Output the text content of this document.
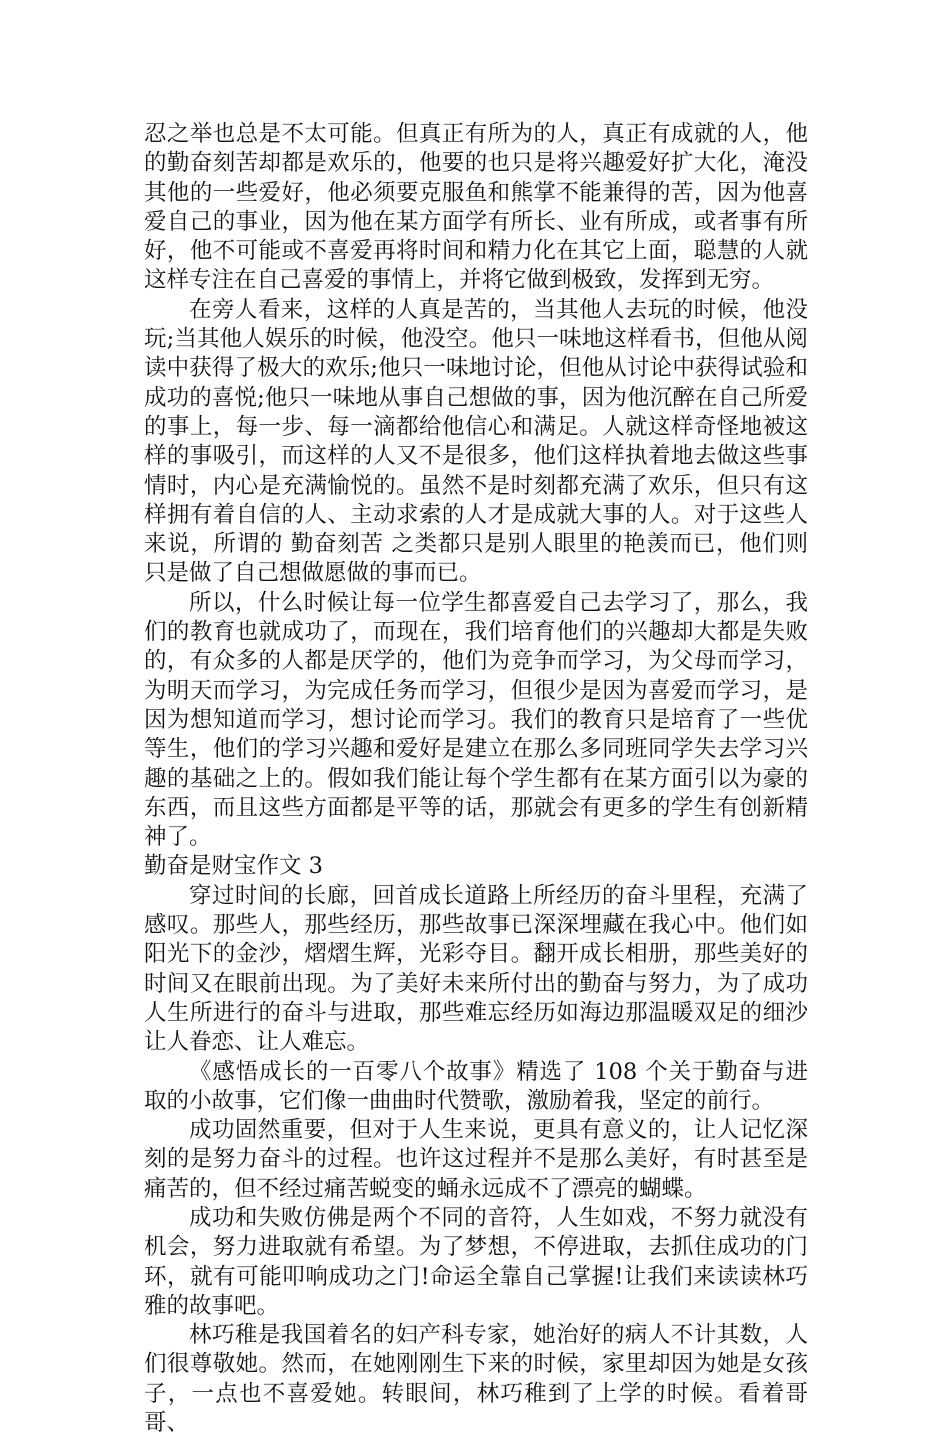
忍之举也总是不太可能。但真正有所为的人，真正有成就的人，他的勤奋刻苦却都是欢乐的，他要的也只是将兴趣爱好扩大化，淹没其他的一些爱好，他必须要克服鱼和熊掌不能兼得的苦，因为他喜爱自己的事业，因为他在某方面学有所长、业有所成，或者事有所好，他不可能或不喜爱再将时间和精力化在其它上面，聪慧的人就这样专注在自己喜爱的事情上，并将它做到极致，发挥到无穷。

在旁人看来，这样的人真是苦的，当其他人去玩的时候，他没玩;当其他人娱乐的时候，他没空。他只一味地这样看书，但他从阅读中获得了极大的欢乐;他只一味地讨论，但他从讨论中获得试验和成功的喜悦;他只一味地从事自己想做的事，因为他沉醉在自己所爱的事上，每一步、每一滴都给他信心和满足。人就这样奇怪地被这样的事吸引，而这样的人又不是很多，他们这样执着地去做这些事情时，内心是充满愉悦的。虽然不是时刻都充满了欢乐，但只有这样拥有着自信的人、主动求索的人才是成就大事的人。对于这些人来说，所谓的 勤奋刻苦 之类都只是别人眼里的艳羡而已，他们则只是做了自己想做愿做的事而已。

所以，什么时候让每一位学生都喜爱自己去学习了，那么，我们的教育也就成功了，而现在，我们培育他们的兴趣却大都是失败的，有众多的人都是厌学的，他们为竞争而学习，为父母而学习，为明天而学习，为完成任务而学习，但很少是因为喜爱而学习，是因为想知道而学习，想讨论而学习。我们的教育只是培育了一些优等生，他们的学习兴趣和爱好是建立在那么多同班同学失去学习兴趣的基础之上的。假如我们能让每个学生都有在某方面引以为豪的东西，而且这些方面都是平等的话，那就会有更多的学生有创新精神了。

勤奋是财宝作文 3

穿过时间的长廊，回首成长道路上所经历的奋斗里程，充满了感叹。那些人，那些经历，那些故事已深深埋藏在我心中。他们如阳光下的金沙，熠熠生辉，光彩夺目。翻开成长相册，那些美好的时间又在眼前出现。为了美好未来所付出的勤奋与努力，为了成功人生所进行的奋斗与进取，那些难忘经历如海边那温暖双足的细沙让人眷恋、让人难忘。

《感悟成长的一百零八个故事》精选了 108 个关于勤奋与进取的小故事，它们像一曲曲时代赞歌，激励着我，坚定的前行。

成功固然重要，但对于人生来说，更具有意义的，让人记忆深刻的是努力奋斗的过程。也许这过程并不是那么美好，有时甚至是痛苦的，但不经过痛苦蜕变的蛹永远成不了漂亮的蝴蝶。

成功和失败仿佛是两个不同的音符，人生如戏，不努力就没有机会，努力进取就有希望。为了梦想，不停进取，去抓住成功的门环，就有可能叩响成功之门!命运全靠自己掌握!让我们来读读林巧雅的故事吧。

林巧稚是我国着名的妇产科专家，她治好的病人不计其数，人们很尊敬她。然而，在她刚刚生下来的时候，家里却因为她是女孩子，一点也不喜爱她。转眼间，林巧稚到了上学的时候。看着哥哥、
